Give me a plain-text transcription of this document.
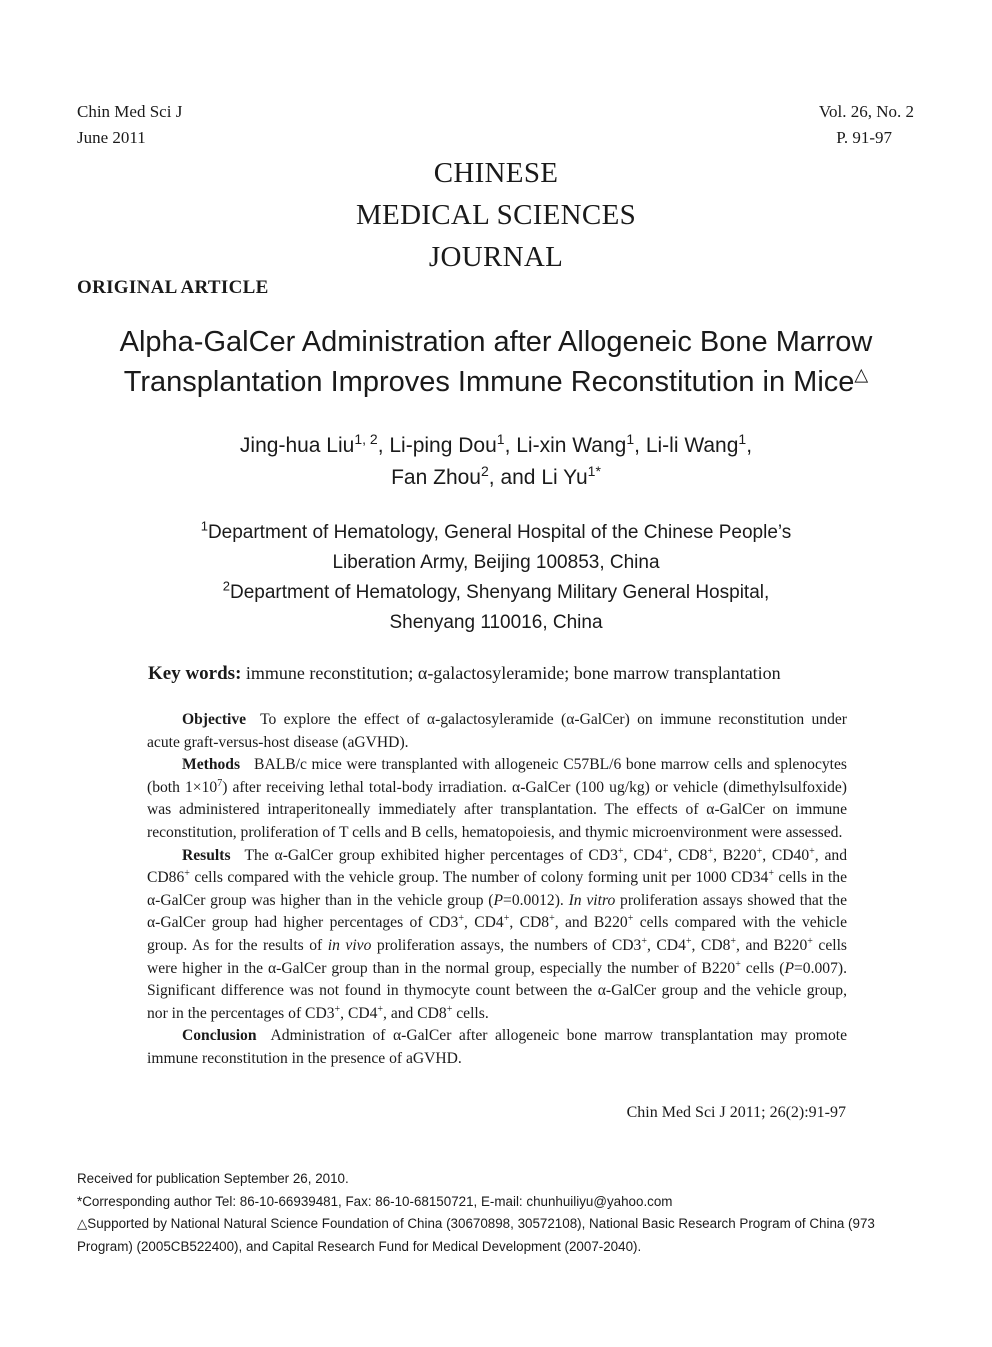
Chin Med Sci J
June 2011
Vol. 26, No. 2
P. 91-97
CHINESE
MEDICAL SCIENCES
JOURNAL
ORIGINAL ARTICLE
Alpha-GalCer Administration after Allogeneic Bone Marrow
Transplantation Improves Immune Reconstitution in Mice△
Jing-hua Liu$^{1, 2}$, Li-ping Dou$^1$, Li-xin Wang$^1$, Li-li Wang$^1$,
Fan Zhou$^2$, and Li $Yu^{1*}$
$^1$Department of Hematology, General Hospital of the Chinese People’s
Liberation Army, Beijing 100853, China
$^2$Department of Hematology, Shenyang Military General Hospital,
Shenyang 110016, China
Key words: immune reconstitution; α-galactosyleramide; bone marrow transplantation

Objective To explore the effect of α-galactosyleramide (α-GalCer) on immune reconstitution under acute graft-versus-host disease (aGVHD).

Methods BALB/c mice were transplanted with allogeneic C57BL/6 bone marrow cells and splenocytes (both $1\times 10^7$) after receiving lethal total-body irradiation. α-GalCer (100 ug/kg) or vehicle (dimethylsulfoxide) was administered intraperitoneally immediately after transplantation. The effects of α-GalCer on immune reconstitution, proliferation of T cells and B cells, hematopoiesis, and thymic microenvironment were assessed.

Results The α-GalCer group exhibited higher percentages of CD3+, CD4+, CD8+, B220+, CD40+, and CD86+ cells compared with the vehicle group. The number of colony forming unit per 1000 CD34+ cells in the α-GalCer group was higher than in the vehicle group (P=0.0012). In vitro proliferation assays showed that the α-GalCer group had higher percentages of CD3+, CD4+, CD8+, and B220+ cells compared with the vehicle group. As for the results of in vivo proliferation assays, the numbers of CD3+, CD4+, CD8+, and B220+ cells were higher in the α-GalCer group than in the normal group, especially the number of B220+ cells (P=0.007). Significant difference was not found in thymocyte count between the α-GalCer group and the vehicle group, nor in the percentages of CD3+, CD4+, and CD8+ cells.

Conclusion Administration of α-GalCer after allogeneic bone marrow transplantation may promote immune reconstitution in the presence of aGVHD.

Chin Med Sci J 2011; 26(2):91-97
Received for publication September 26, 2010.
*Corresponding author Tel: 86-10-66939481, Fax: 86-10-68150721, E-mail: chunhuiliyu@yahoo.com
△Supported by National Natural Science Foundation of China (30670898, 30572108), National Basic Research Program of China (973 Program) (2005CB522400), and Capital Research Fund for Medical Development (2007-2040).
